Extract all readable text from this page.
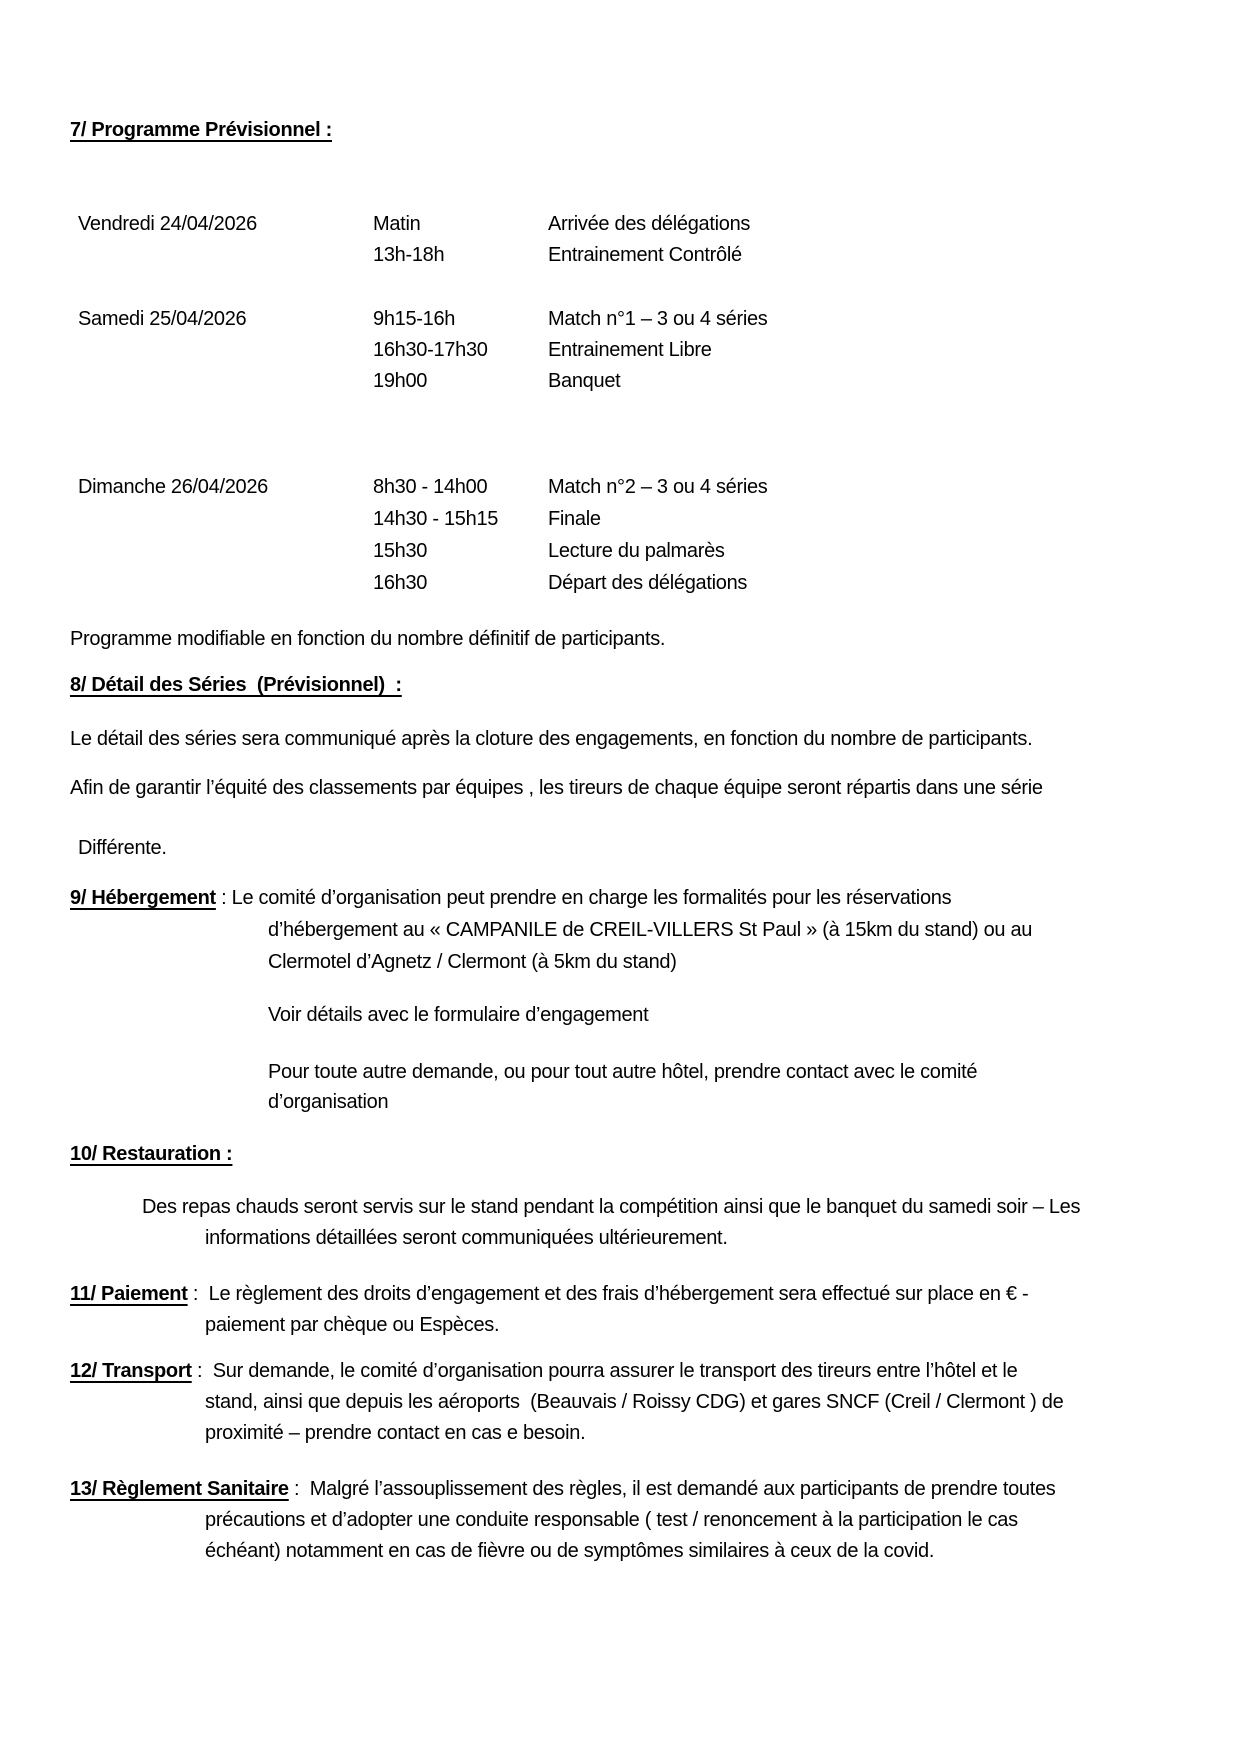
7/ Programme Prévisionnel :
Vendredi 24/04/2026	Matin	Arrivée des délégations
13h-18h	Entrainement Contrôlé
Samedi 25/04/2026	9h15-16h	Match n°1 – 3 ou 4 séries
16h30-17h30	Entrainement Libre
19h00	Banquet
Dimanche 26/04/2026	8h30 - 14h00	Match n°2 – 3 ou 4 séries
14h30 - 15h15 Finale
15h30	Lecture du palmarès
16h30	Départ des délégations
Programme modifiable en fonction du nombre définitif de participants.
8/ Détail des Séries  (Prévisionnel)  :
Le détail des séries sera communiqué après la cloture des engagements, en fonction du nombre de participants.
Afin de garantir l’équité des classements par équipes , les tireurs de chaque équipe seront répartis dans une série
Différente.
9/ Hébergement : Le comité d’organisation peut prendre en charge les formalités pour les réservations
d’hébergement au « CAMPANILE de CREIL-VILLERS St Paul » (à 15km du stand) ou au
Clermotel d’Agnetz / Clermont (à 5km du stand)
Voir détails avec le formulaire d’engagement
Pour toute autre demande, ou pour tout autre hôtel, prendre contact avec le comité
d’organisation
10/ Restauration :
Des repas chauds seront servis sur le stand pendant la compétition ainsi que le banquet du samedi soir – Les
informations détaillées seront communiquées ultérieurement.
11/ Paiement :  Le règlement des droits d’engagement et des frais d’hébergement sera effectué sur place en € -
paiement par chèque ou Espèces.
12/ Transport :  Sur demande, le comité d’organisation pourra assurer le transport des tireurs entre l’hôtel et le
stand, ainsi que depuis les aéroports  (Beauvais / Roissy CDG) et gares SNCF (Creil / Clermont ) de
proximité – prendre contact en cas e besoin.
13/ Règlement Sanitaire :  Malgré l’assouplissement des règles, il est demandé aux participants de prendre toutes
précautions et d’adopter une conduite responsable ( test / renoncement à la participation le cas
échéant) notamment en cas de fièvre ou de symptômes similaires à ceux de la covid.
